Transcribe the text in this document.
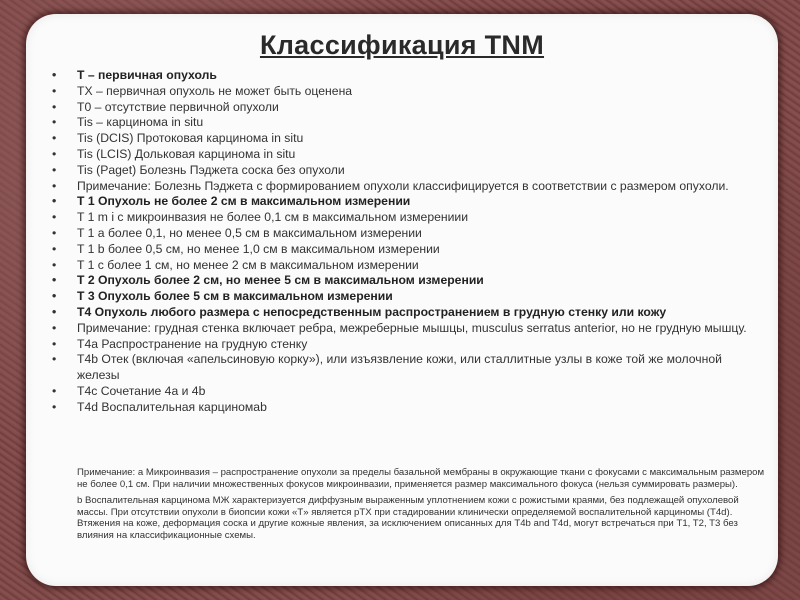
Классификация TNM
• T – первичная опухоль
• TX – первичная опухоль не может быть оценена
• T0 – отсутствие первичной опухоли
• Tis – карцинома in situ
• Tis (DCIS) Протоковая карцинома in situ
• Tis (LCIS) Дольковая карцинома in situ
• Tis (Paget) Болезнь Пэджета соска без опухоли
• Примечание: Болезнь Пэджета с формированием опухоли классифицируется в соответствии с размером опухоли.
• T 1 Опухоль не более 2 см в максимальном измерении
• T 1 m i с микроинвазия не более 0,1 см в максимальном измерениии
• T 1 a более 0,1, но менее 0,5 см в максимальном измерении
• T 1 b более 0,5 см, но менее 1,0 см в максимальном измерении
• T 1 c более 1 см, но менее 2 см в максимальном измерении
• T 2 Опухоль более 2 см, но менее 5 см в максимальном измерении
• T 3 Опухоль более 5 см в максимальном измерении
• T4 Опухоль любого размера с непосредственным распространением в грудную стенку или кожу
• Примечание: грудная стенка включает ребра, межреберные мышцы, musculus serratus anterior, но не грудную мышцу.
• T4a Распространение на грудную стенку
• T4b Отек (включая «апельсиновую корку»), или изъязвление кожи, или сталлитные узлы в коже той же молочной железы
• T4c Сочетание 4a и 4b
• T4d Воспалительная карциномаb
Примечание: a Микроинвазия – распространение опухоли за пределы базальной мембраны в окружающие ткани с фокусами с максимальным размером не более 0,1 см. При наличии множественных фокусов микроинвазии, применяется размер максимального фокуса (нельзя суммировать размеры).
b Воспалительная карцинома МЖ характеризуется диффузным выраженным уплотнением кожи с рожистыми краями, без подлежащей опухолевой массы. При отсутствии опухоли в биопсии кожи «T» является pTX при стадировании клинически определяемой воспалительной карциномы (T4d). Втяжения на коже, деформация соска и другие кожные явления, за исключением описанных для T4b and T4d, могут встречаться при T1, T2, T3 без влияния на классификационные схемы.
